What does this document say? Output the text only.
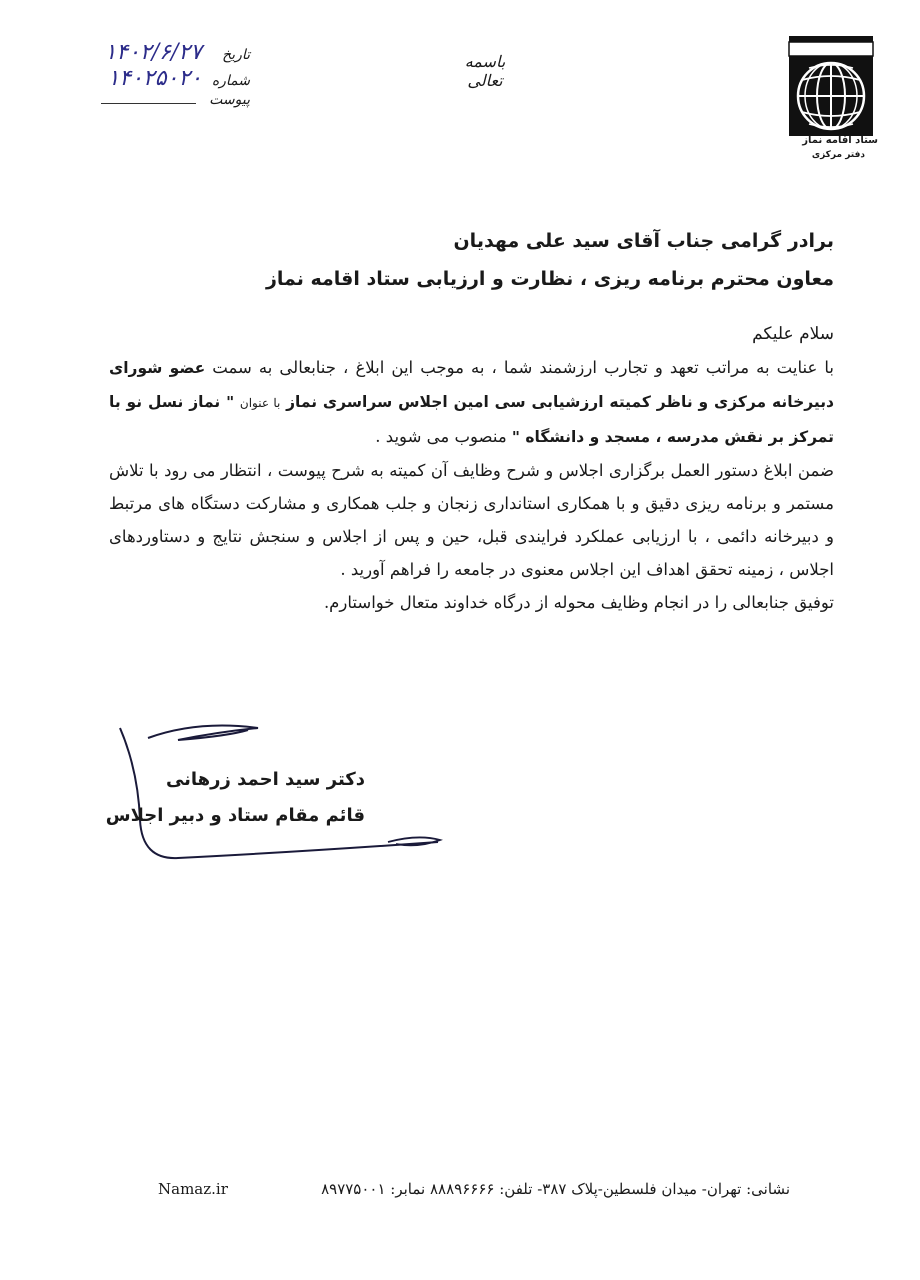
ستاد اقامه نماز
دفتر مرکزی
باسمه تعالی
تاریخ
۱۴۰۲/۶/۲۷
شماره
۱۴۰۲۵۰۲۰
پیوست
برادر گرامی جناب آقای سید علی مهدیان
معاون محترم برنامه ریزی ، نظارت و ارزیابی ستاد اقامه نماز

سلام علیکم

با عنایت به مراتب تعهد و تجارب ارزشمند شما ، به موجب این ابلاغ ، جنابعالی به سمت عضو شورای دبیرخانه مرکزی و ناظر کمیته ارزشیابی سی امین اجلاس سراسری نماز با عنوان " نماز نسل نو با تمرکز بر نقش مدرسه ، مسجد و دانشگاه " منصوب می شوید .

ضمن ابلاغ دستور العمل برگزاری اجلاس و شرح وظایف آن کمیته به شرح پیوست ، انتظار می رود با تلاش مستمر و برنامه ریزی دقیق و با همکاری استانداری زنجان و جلب همکاری و مشارکت دستگاه های مرتبط و دبیرخانه دائمی ، با ارزیابی عملکرد فرایندی قبل، حین و پس از اجلاس و سنجش نتایج و دستاوردهای اجلاس ، زمینه تحقق اهداف این اجلاس معنوی در جامعه را فراهم آورید .

توفیق جنابعالی را در انجام وظایف محوله از درگاه خداوند متعال خواستارم.

دکتر سید احمد زرهانی
قائم مقام ستاد و دبیر اجلاس
نشانی: تهران- میدان فلسطین-پلاک ۳۸۷- تلفن: ۸۸۸۹۶۶۶۶ نمابر: ۸۹۷۷۵۰۰۱
Namaz.ir
